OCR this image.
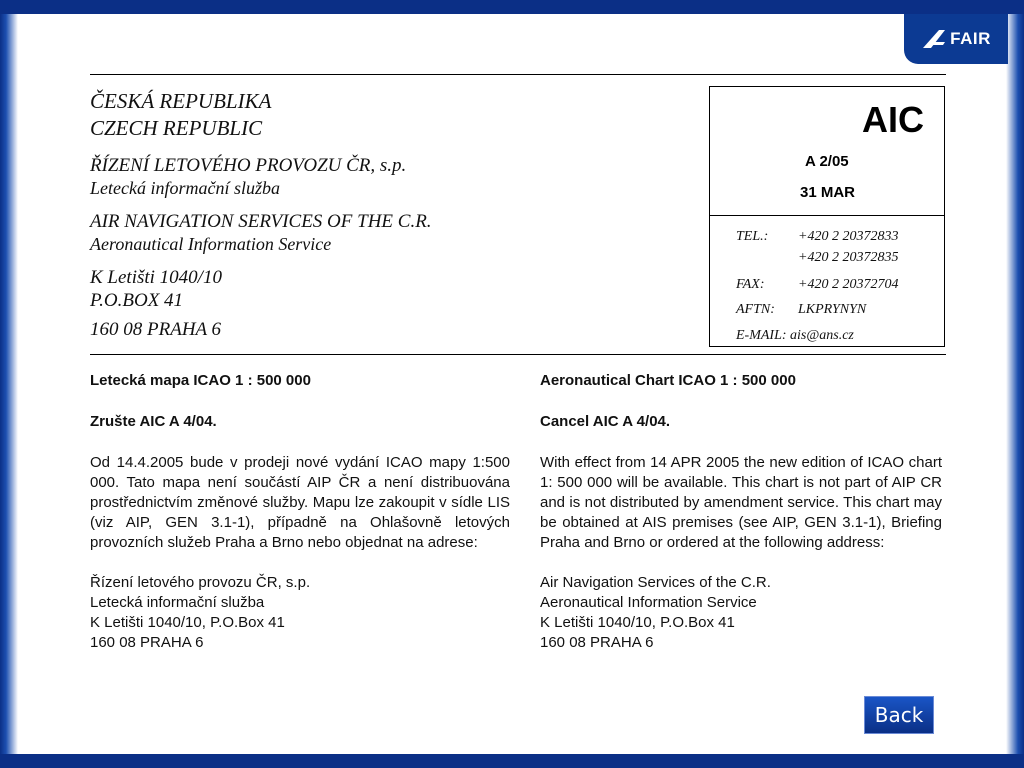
FAIR
ČESKÁ REPUBLIKA
CZECH REPUBLIC
ŘÍZENÍ LETOVÉHO PROVOZU ČR, s.p.
Letecká informační služba
AIR NAVIGATION SERVICES OF THE C.R.
Aeronautical Information Service
K Letišti 1040/10
P.O.BOX 41
160 08 PRAHA 6
AIC
A 2/05
31 MAR
TEL.: +420 2 20372833
+420 2 20372835
FAX: +420 2 20372704
AFTN: LKPRYNYN
E-MAIL: ais@ans.cz
Letecká mapa ICAO 1 : 500 000
Zrušte AIC A 4/04.
Od 14.4.2005 bude v prodeji nové vydání ICAO mapy 1:500 000. Tato mapa není součástí AIP ČR a není distribuována prostřednictvím změnové služby. Mapu lze zakoupit v sídle LIS (viz AIP, GEN 3.1-1), případně na Ohlašovně letových provozních služeb Praha a Brno nebo objednat na adrese:
Řízení letového provozu ČR, s.p.
Letecká informační služba
K Letišti 1040/10, P.O.Box 41
160 08 PRAHA 6
Aeronautical Chart ICAO 1 : 500 000
Cancel AIC A 4/04.
With effect from 14 APR 2005 the new edition of ICAO chart 1: 500 000 will be available. This chart is not part of AIP CR and is not distributed by amendment service. This chart may be obtained at AIS premises (see AIP, GEN 3.1-1), Briefing Praha and Brno or ordered at the following address:
Air Navigation Services of the C.R.
Aeronautical Information Service
K Letišti 1040/10, P.O.Box 41
160 08 PRAHA 6
Back
